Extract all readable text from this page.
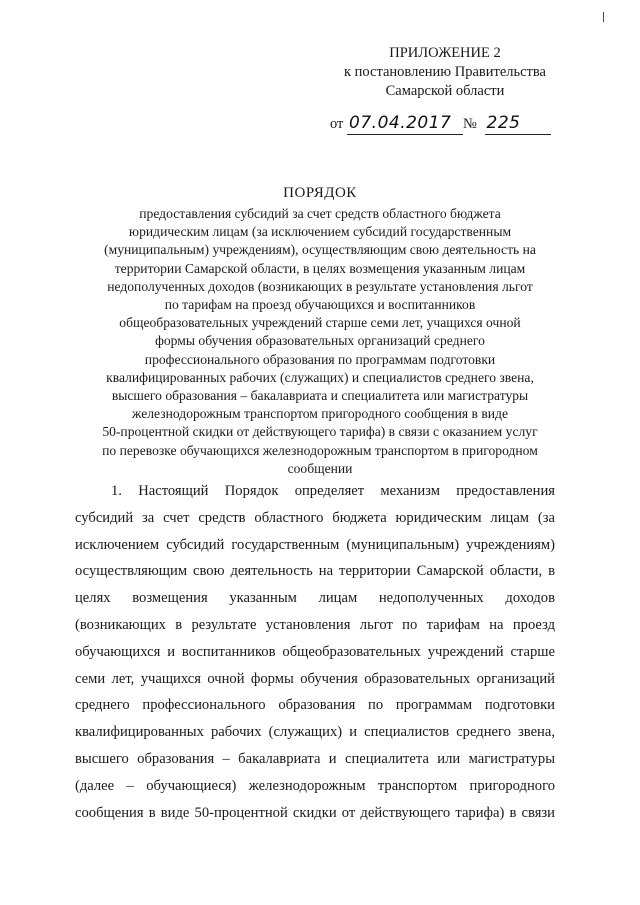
ПРИЛОЖЕНИЕ 2
к постановлению Правительства
Самарской области
от 07.04.2017 № 225
ПОРЯДОК
предоставления субсидий за счет средств областного бюджета
юридическим лицам (за исключением субсидий государственным
(муниципальным) учреждениям), осуществляющим свою деятельность на
территории Самарской области, в целях возмещения указанным лицам
недополученных доходов (возникающих в результате установления льгот
по тарифам на проезд обучающихся и воспитанников
общеобразовательных учреждений старше семи лет, учащихся очной
формы обучения образовательных организаций среднего
профессионального образования по программам подготовки
квалифицированных рабочих (служащих) и специалистов среднего звена,
высшего образования – бакалавриата и специалитета или магистратуры
железнодорожным транспортом пригородного сообщения в виде
50-процентной скидки от действующего тарифа) в связи с оказанием услуг
по перевозке обучающихся железнодорожным транспортом в пригородном
сообщении
1. Настоящий Порядок определяет механизм предоставления
субсидий за счет средств областного бюджета юридическим лицам (за
исключением субсидий государственным (муниципальным) учреждениям)
осуществляющим свою деятельность на территории Самарской области, в
целях возмещения указанным лицам недополученных доходов
(возникающих в результате установления льгот по тарифам на проезд
обучающихся и воспитанников общеобразовательных учреждений старше
семи лет, учащихся очной формы обучения образовательных организаций
среднего профессионального образования по программам подготовки
квалифицированных рабочих (служащих) и специалистов среднего звена,
высшего образования – бакалавриата и специалитета или магистратуры
(далее – обучающиеся) железнодорожным транспортом пригородного
сообщения в виде 50-процентной скидки от действующего тарифа) в связи
